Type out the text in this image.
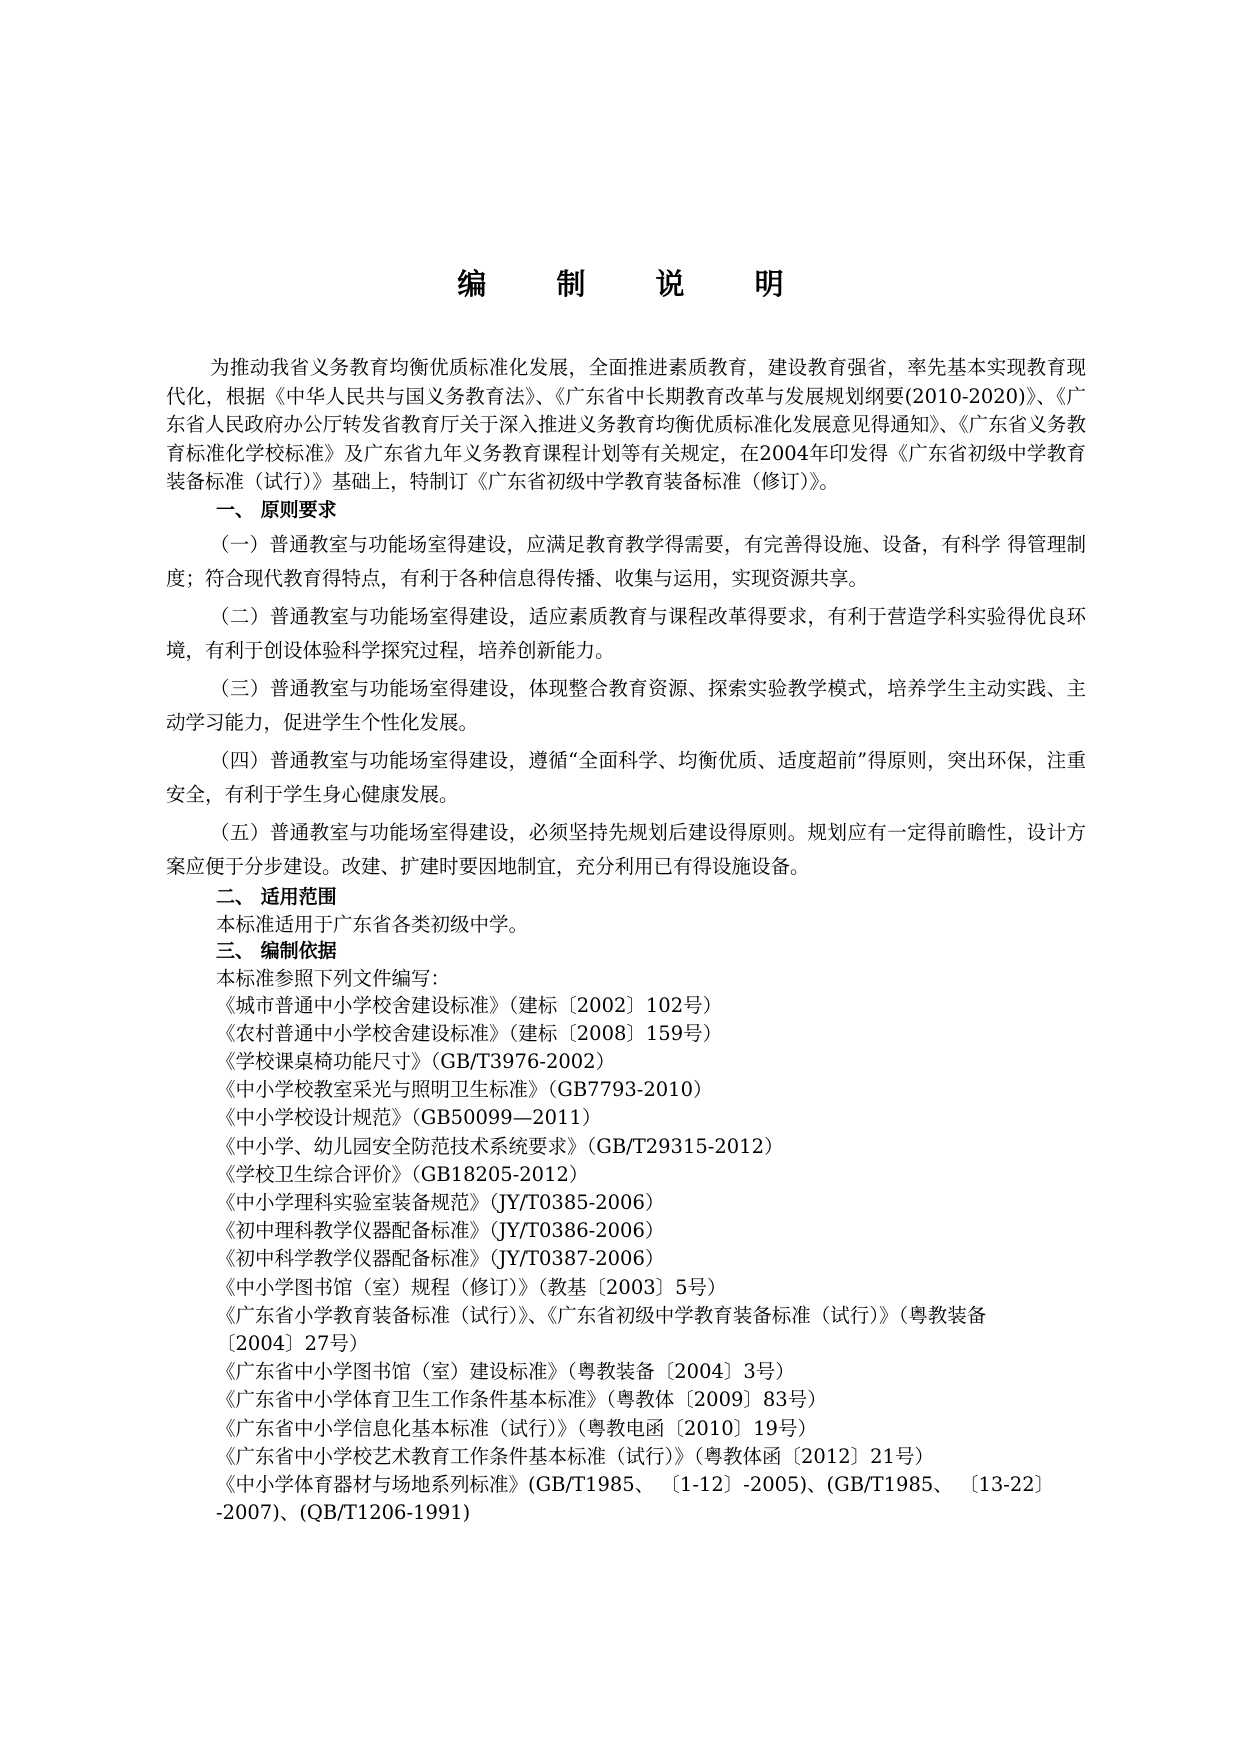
编 制 说 明

为推动我省义务教育均衡优质标准化发展，全面推进素质教育，建设教育强省，率先基本实现教育现代化，根据《中华人民共与国义务教育法》、《广东省中长期教育改革与发展规划纲要(2010-2020)》、《广东省人民政府办公厅转发省教育厅关于深入推进义务教育均衡优质标准化发展意见得通知》、《广东省义务教育标准化学校标准》及广东省九年义务教育课程计划等有关规定，在2004年印发得《广东省初级中学教育装备标准（试行）》基础上，特制订《广东省初级中学教育装备标准（修订）》。

一、 原则要求

（一）普通教室与功能场室得建设，应满足教育教学得需要，有完善得设施、设备，有科学 得管理制度；符合现代教育得特点，有利于各种信息得传播、收集与运用，实现资源共享。

（二）普通教室与功能场室得建设，适应素质教育与课程改革得要求，有利于营造学科实验得优良环境，有利于创设体验科学探究过程，培养创新能力。

（三）普通教室与功能场室得建设，体现整合教育资源、探索实验教学模式，培养学生主动实践、主动学习能力，促进学生个性化发展。

（四）普通教室与功能场室得建设，遵循“全面科学、均衡优质、适度超前”得原则，突出环保，注重安全，有利于学生身心健康发展。

（五）普通教室与功能场室得建设，必须坚持先规划后建设得原则。规划应有一定得前瞻性，设计方案应便于分步建设。改建、扩建时要因地制宜，充分利用已有得设施设备。

二、 适用范围

本标准适用于广东省各类初级中学。

三、 编制依据

本标准参照下列文件编写：

《城市普通中小学校舍建设标准》（建标〔2002〕102号）
《农村普通中小学校舍建设标准》（建标〔2008〕159号）
《学校课桌椅功能尺寸》（GB/T3976-2002）
《中小学校教室采光与照明卫生标准》（GB7793-2010）
《中小学校设计规范》（GB50099—2011）
《中小学、幼儿园安全防范技术系统要求》（GB/T29315-2012）
《学校卫生综合评价》（GB18205-2012）
《中小学理科实验室装备规范》（JY/T0385-2006）
《初中理科教学仪器配备标准》（JY/T0386-2006）
《初中科学教学仪器配备标准》（JY/T0387-2006）
《中小学图书馆（室）规程（修订）》（教基〔2003〕5号）
《广东省小学教育装备标准（试行）》、《广东省初级中学教育装备标准（试行）》（粤教装备
〔2004〕27号）
《广东省中小学图书馆（室）建设标准》（粤教装备〔2004〕3号）
《广东省中小学体育卫生工作条件基本标准》（粤教体〔2009〕83号）
《广东省中小学信息化基本标准（试行）》（粤教电函〔2010〕19号）
《广东省中小学校艺术教育工作条件基本标准（试行）》（粤教体函〔2012〕21号）
《中小学体育器材与场地系列标准》(GB/T1985、 〔1-12〕-2005)、(GB/T1985、 〔13-22〕
-2007)、(QB/T1206-1991)
